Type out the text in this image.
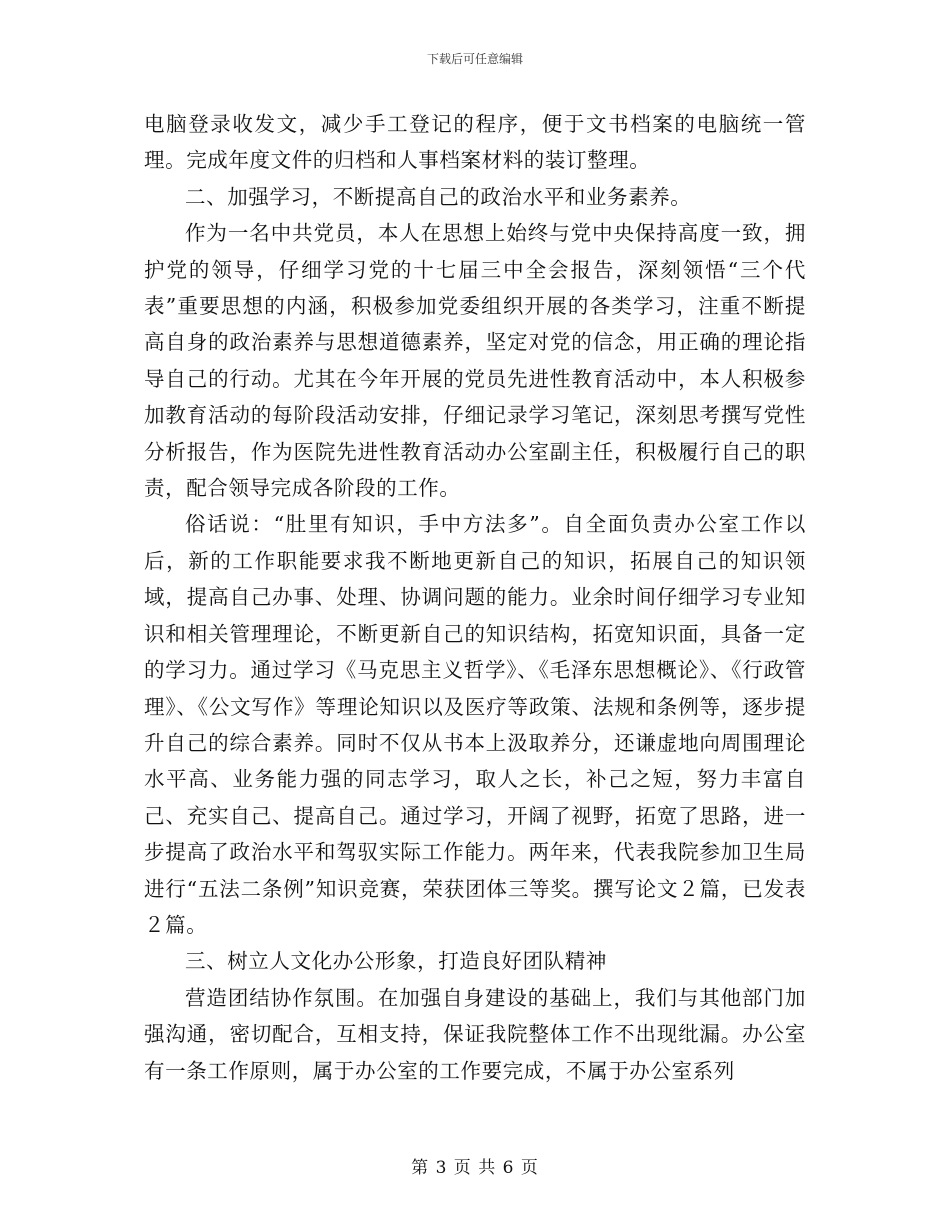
下载后可任意编辑

电脑登录收发文，减少手工登记的程序，便于文书档案的电脑统一管理。完成年度文件的归档和人事档案材料的装订整理。

二、加强学习，不断提高自己的政治水平和业务素养。

作为一名中共党员，本人在思想上始终与党中央保持高度一致，拥护党的领导，仔细学习党的十七届三中全会报告，深刻领悟“三个代表”重要思想的内涵，积极参加党委组织开展的各类学习，注重不断提高自身的政治素养与思想道德素养，坚定对党的信念，用正确的理论指导自己的行动。尤其在今年开展的党员先进性教育活动中，本人积极参加教育活动的每阶段活动安排，仔细记录学习笔记，深刻思考撰写党性分析报告，作为医院先进性教育活动办公室副主任，积极履行自己的职责，配合领导完成各阶段的工作。

俗话说：“肚里有知识，手中方法多”。自全面负责办公室工作以后，新的工作职能要求我不断地更新自己的知识，拓展自己的知识领域，提高自己办事、处理、协调问题的能力。业余时间仔细学习专业知识和相关管理理论，不断更新自己的知识结构，拓宽知识面，具备一定的学习力。通过学习《马克思主义哲学》、《毛泽东思想概论》、《行政管理》、《公文写作》等理论知识以及医疗等政策、法规和条例等，逐步提升自己的综合素养。同时不仅从书本上汲取养分，还谦虚地向周围理论水平高、业务能力强的同志学习，取人之长，补己之短，努力丰富自己、充实自己、提高自己。通过学习，开阔了视野，拓宽了思路，进一步提高了政治水平和驾驭实际工作能力。两年来，代表我院参加卫生局进行“五法二条例”知识竞赛，荣获团体三等奖。撰写论文２篇，已发表２篇。

三、树立人文化办公形象，打造良好团队精神

营造团结协作氛围。在加强自身建设的基础上，我们与其他部门加强沟通，密切配合，互相支持，保证我院整体工作不出现纰漏。办公室有一条工作原则，属于办公室的工作要完成，不属于办公室系列

第 3 页 共 6 页
